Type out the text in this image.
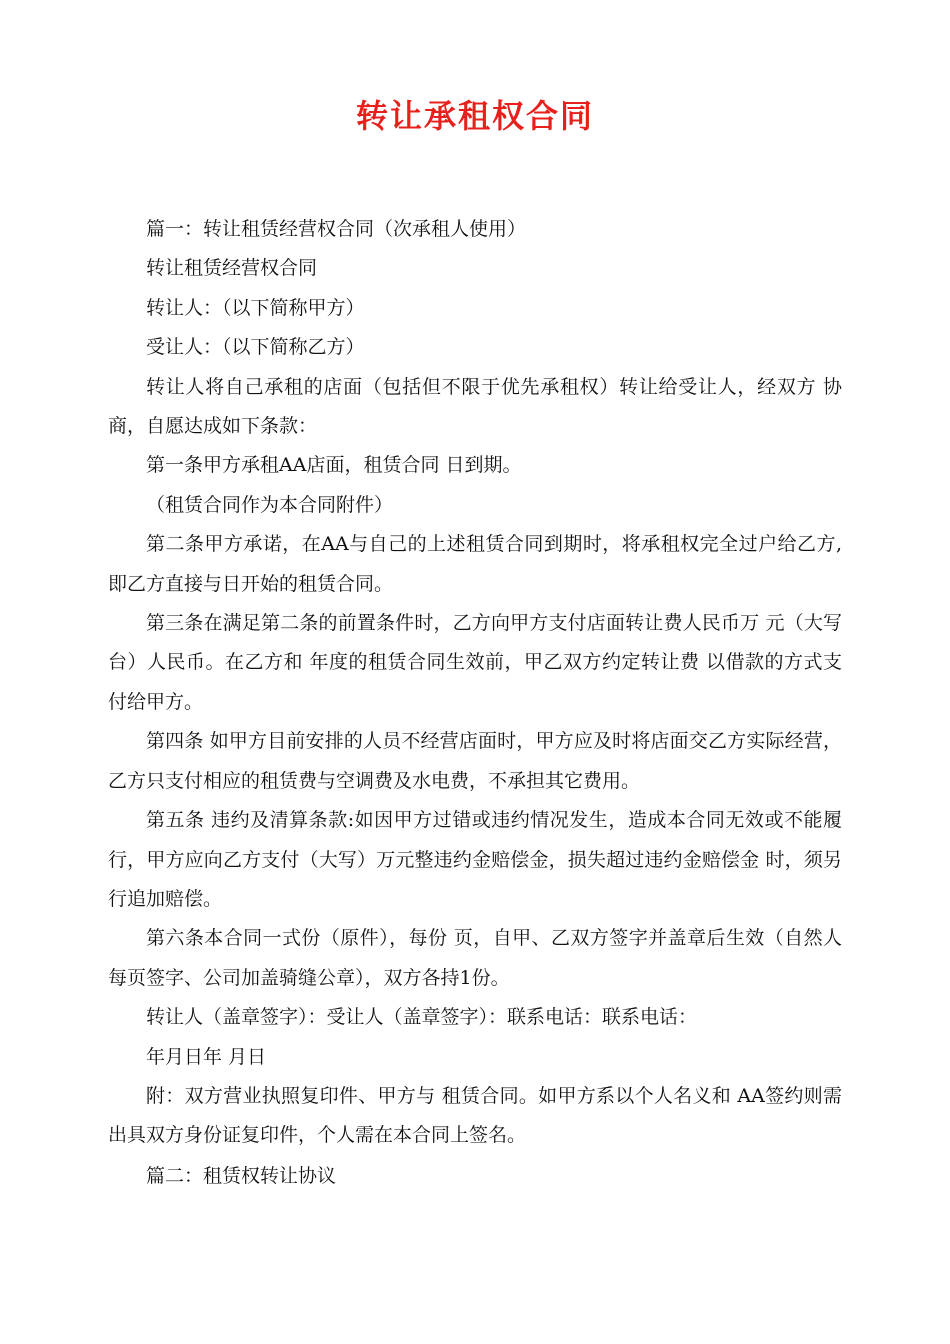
转让承租权合同

篇一：转让租赁经营权合同（次承租人使用）

转让租赁经营权合同

转让人：（以下简称甲方）

受让人：（以下简称乙方）

转让人将自己承租的店面（包括但不限于优先承租权）转让给受让人，经双方 协商，自愿达成如下条款：

第一条甲方承租AA店面，租赁合同 日到期。

（租赁合同作为本合同附件）

第二条甲方承诺，在AA与自己的上述租赁合同到期时，将承租权完全过户给乙方,即乙方直接与日开始的租赁合同。

第三条在满足第二条的前置条件时，乙方向甲方支付店面转让费人民币万 元（大写台）人民币。在乙方和 年度的租赁合同生效前，甲乙双方约定转让费 以借款的方式支付给甲方。

第四条 如甲方目前安排的人员不经营店面时，甲方应及时将店面交乙方实际经营，乙方只支付相应的租赁费与空调费及水电费，不承担其它费用。

第五条 违约及清算条款:如因甲方过错或违约情况发生，造成本合同无效或不能履行，甲方应向乙方支付（大写）万元整违约金赔偿金，损失超过违约金赔偿金 时，须另行追加赔偿。

第六条本合同一式份（原件），每份 页，自甲、乙双方签字并盖章后生效（自然人每页签字、公司加盖骑缝公章），双方各持1份。

转让人（盖章签字）：受让人（盖章签字）：联系电话：联系电话：

年月日年 月日

附：双方营业执照复印件、甲方与 租赁合同。如甲方系以个人名义和 AA签约则需出具双方身份证复印件，个人需在本合同上签名。

篇二：租赁权转让协议
